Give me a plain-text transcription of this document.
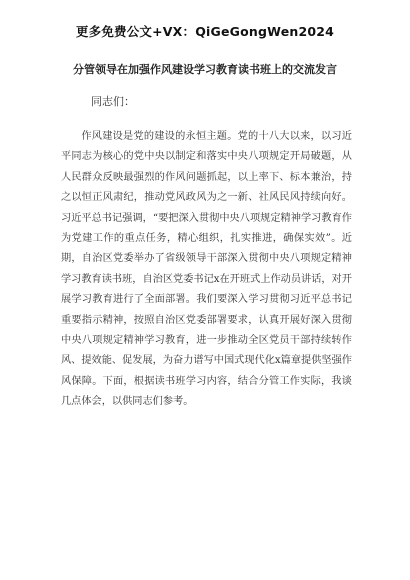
更多免费公文+VX：QiGeGongWen2024
分管领导在加强作风建设学习教育读书班上的交流发言
同志们：

作风建设是党的建设的永恒主题。党的十八大以来，以习近平同志为核心的党中央以制定和落实中央八项规定开局破题，从人民群众反映最强烈的作风问题抓起，以上率下、标本兼治，持之以恒正风肃纪，推动党风政风为之一新、社风民风持续向好。习近平总书记强调，“要把深入贯彻中央八项规定精神学习教育作为党建工作的重点任务，精心组织，扎实推进，确保实效”。近期，自治区党委举办了省级领导干部深入贯彻中央八项规定精神学习教育读书班，自治区党委书记x在开班式上作动员讲话，对开展学习教育进行了全面部署。我们要深入学习贯彻习近平总书记重要指示精神，按照自治区党委部署要求，认真开展好深入贯彻中央八项规定精神学习教育，进一步推动全区党员干部持续转作风、提效能、促发展，为奋力谱写中国式现代化x篇章提供坚强作风保障。下面，根据读书班学习内容，结合分管工作实际，我谈几点体会，以供同志们参考。
